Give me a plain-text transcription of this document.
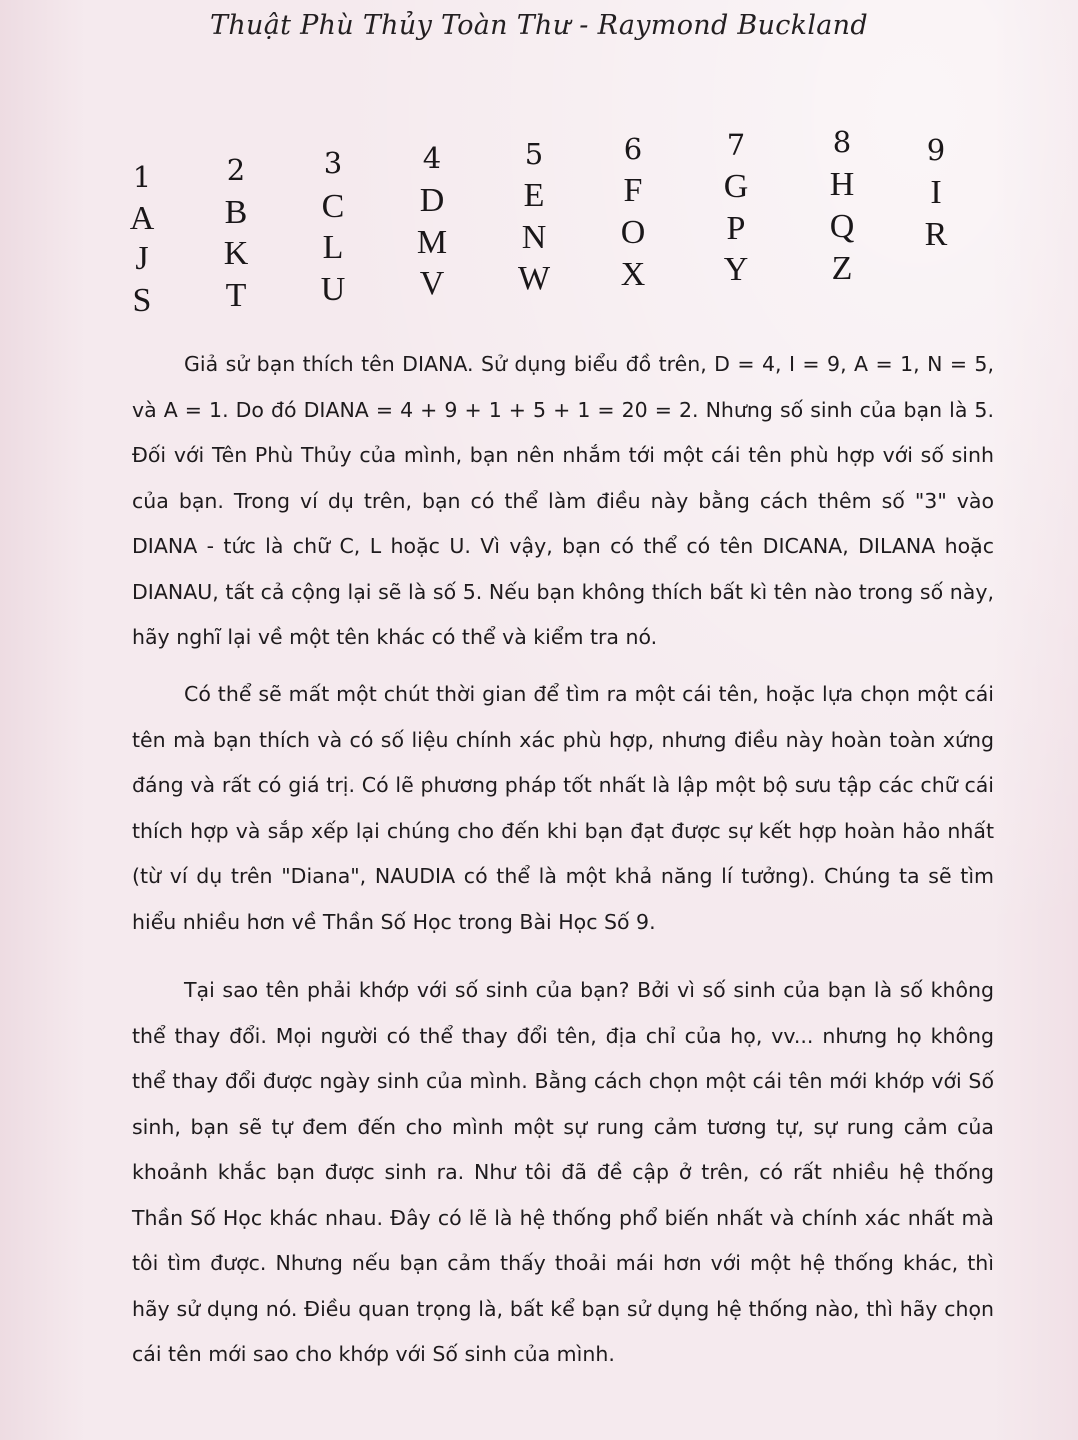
Thuật Phù Thủy Toàn Thư - Raymond Buckland
1
A
J
S
2
B
K
T
3
C
L
U
4
D
M
V
5
E
N
W
6
F
O
X
7
G
P
Y
8
H
Q
Z
9
I
R

Giả sử bạn thích tên DIANA. Sử dụng biểu đồ trên, D = 4, I = 9, A = 1, N = 5, và A = 1. Do đó DIANA = 4 + 9 + 1 + 5 + 1 = 20 = 2. Nhưng số sinh của bạn là 5. Đối với Tên Phù Thủy của mình, bạn nên nhắm tới một cái tên phù hợp với số sinh của bạn. Trong ví dụ trên, bạn có thể làm điều này bằng cách thêm số "3" vào DIANA - tức là chữ C, L hoặc U. Vì vậy, bạn có thể có tên DICANA, DILANA hoặc DIANAU, tất cả cộng lại sẽ là số 5. Nếu bạn không thích bất kì tên nào trong số này, hãy nghĩ lại về một tên khác có thể và kiểm tra nó.

Có thể sẽ mất một chút thời gian để tìm ra một cái tên, hoặc lựa chọn một cái tên mà bạn thích và có số liệu chính xác phù hợp, nhưng điều này hoàn toàn xứng đáng và rất có giá trị. Có lẽ phương pháp tốt nhất là lập một bộ sưu tập các chữ cái thích hợp và sắp xếp lại chúng cho đến khi bạn đạt được sự kết hợp hoàn hảo nhất (từ ví dụ trên "Diana", NAUDIA có thể là một khả năng lí tưởng). Chúng ta sẽ tìm hiểu nhiều hơn về Thần Số Học trong Bài Học Số 9.

Tại sao tên phải khớp với số sinh của bạn? Bởi vì số sinh của bạn là số không thể thay đổi. Mọi người có thể thay đổi tên, địa chỉ của họ, vv... nhưng họ không thể thay đổi được ngày sinh của mình. Bằng cách chọn một cái tên mới khớp với Số sinh, bạn sẽ tự đem đến cho mình một sự rung cảm tương tự, sự rung cảm của khoảnh khắc bạn được sinh ra. Như tôi đã đề cập ở trên, có rất nhiều hệ thống Thần Số Học khác nhau. Đây có lẽ là hệ thống phổ biến nhất và chính xác nhất mà tôi tìm được. Nhưng nếu bạn cảm thấy thoải mái hơn với một hệ thống khác, thì hãy sử dụng nó. Điều quan trọng là, bất kể bạn sử dụng hệ thống nào, thì hãy chọn cái tên mới sao cho khớp với Số sinh của mình.
